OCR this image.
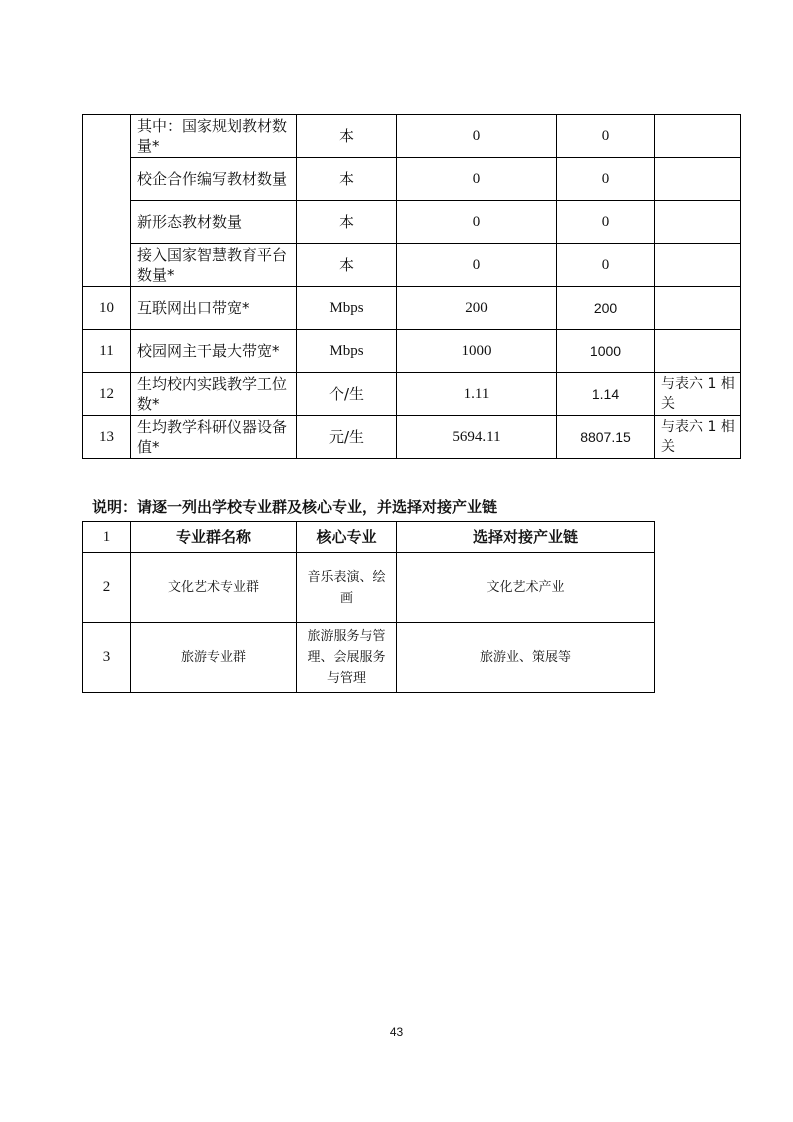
	其中：国家规划教材数量*	本	0	0	
	校企合作编写教材数量	本	0	0	
	新形态教材数量	本	0	0	
	接入国家智慧教育平台数量*	本	0	0	
10	互联网出口带宽*	Mbps	200	200	
11	校园网主干最大带宽*	Mbps	1000	1000	
12	生均校内实践教学工位数*	个/生	1.11	1.14	与表六 1 相关
13	生均教学科研仪器设备值*	元/生	5694.11	8807.15	与表六 1 相关
说明：请逐一列出学校专业群及核心专业，并选择对接产业链
1	专业群名称	核心专业	选择对接产业链
2	文化艺术专业群	音乐表演、绘画	文化艺术产业
3	旅游专业群	旅游服务与管理、会展服务与管理	旅游业、策展等
43
